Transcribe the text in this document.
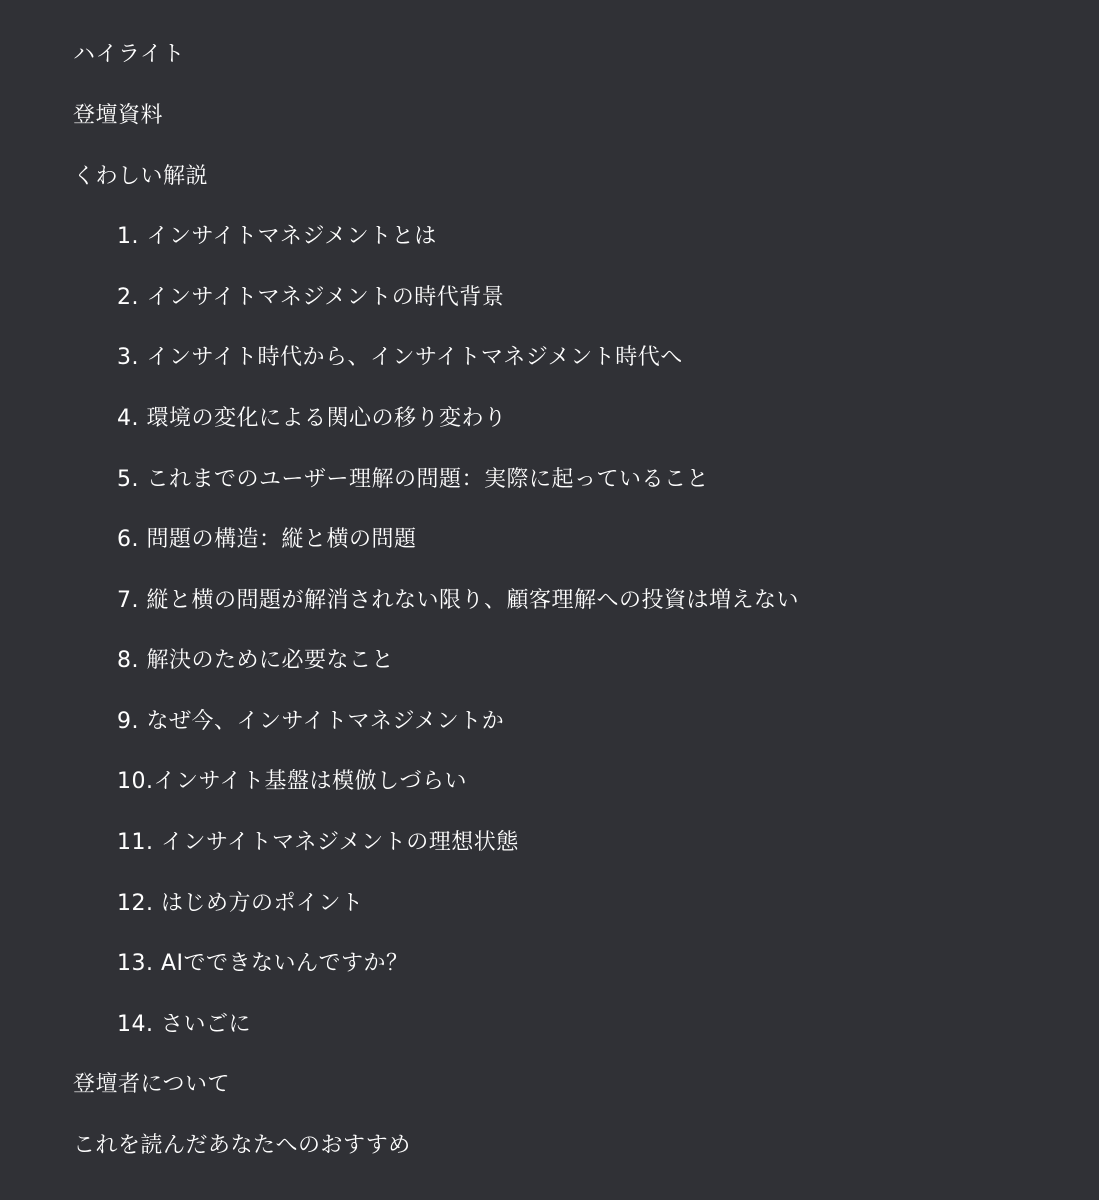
ハイライト
登壇資料
くわしい解説
1. インサイトマネジメントとは
2. インサイトマネジメントの時代背景
3. インサイト時代から、インサイトマネジメント時代へ
4. 環境の変化による関心の移り変わり
5. これまでのユーザー理解の問題：実際に起っていること
6. 問題の構造：縦と横の問題
7. 縦と横の問題が解消されない限り、顧客理解への投資は増えない
8. 解決のために必要なこと
9. なぜ今、インサイトマネジメントか
10.インサイト基盤は模倣しづらい
11. インサイトマネジメントの理想状態
12. はじめ方のポイント
13. AIでできないんですか？
14. さいごに
登壇者について
これを読んだあなたへのおすすめ
